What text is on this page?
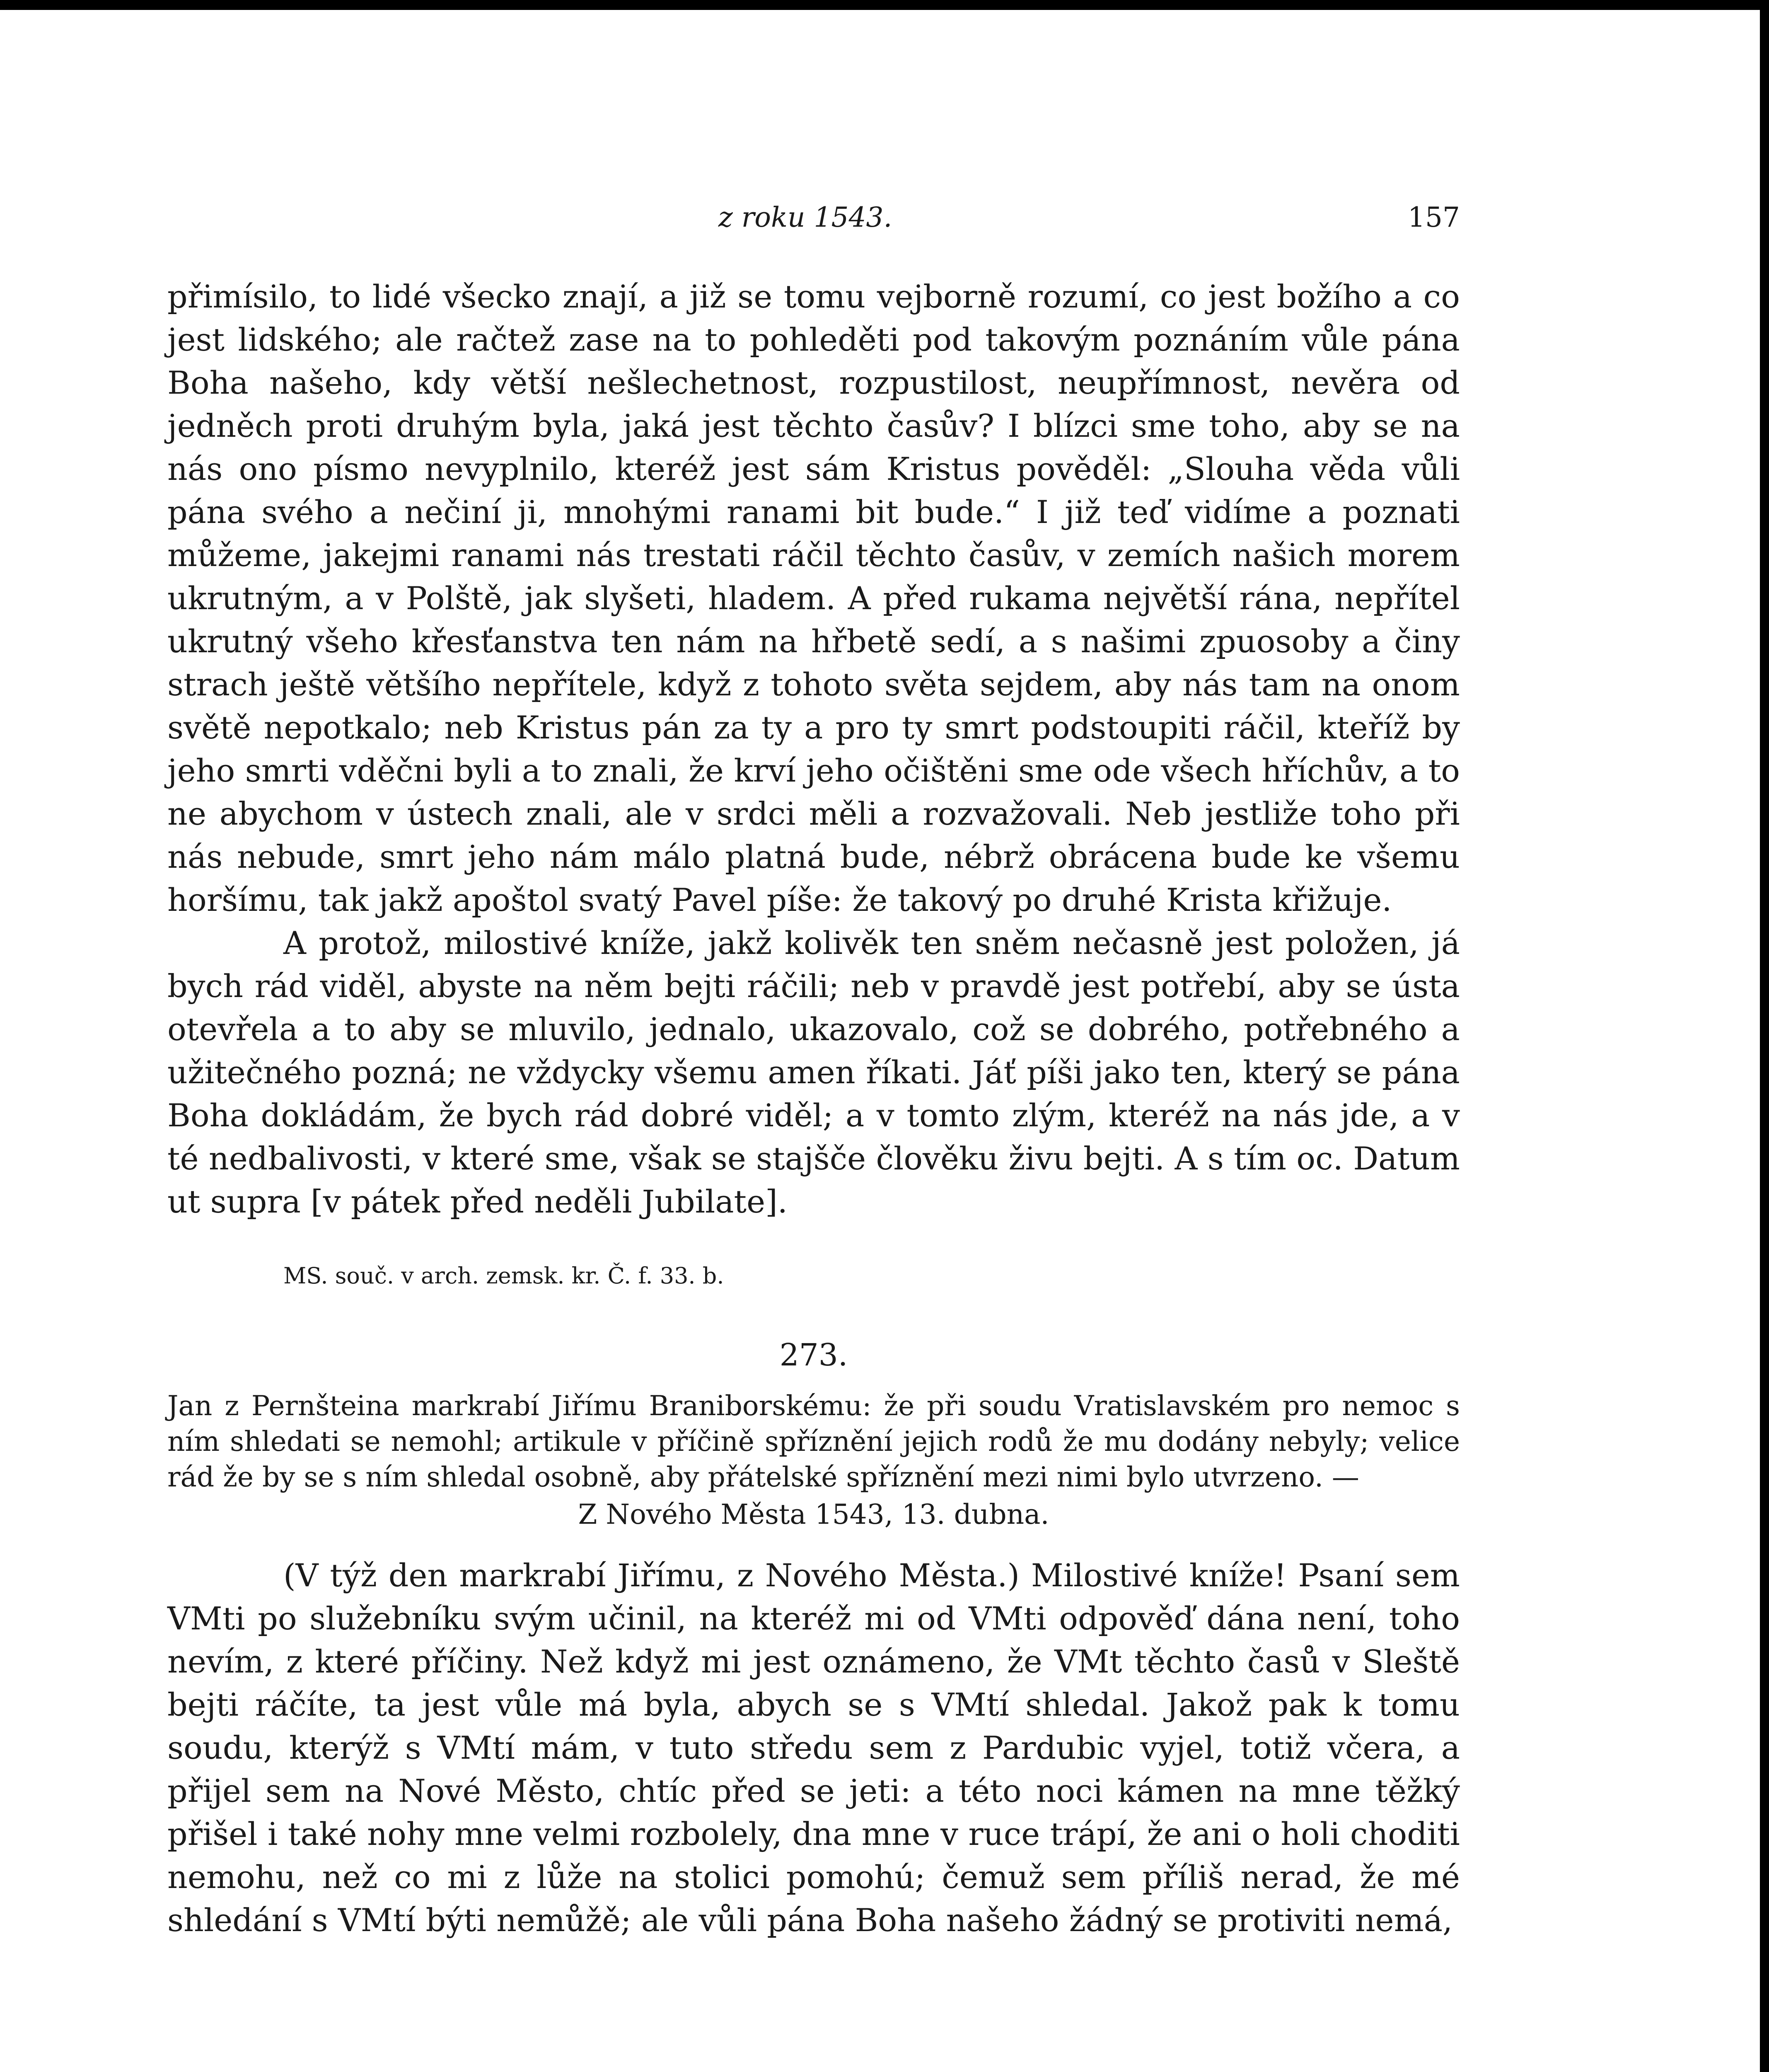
z roku 1543.	157

přimísilo, to lidé všecko znají, a již se tomu vejborně rozumí, co jest božího a co jest lidského; ale račtež zase na to pohleděti pod takovým poznáním vůle pána Boha našeho, kdy větší nešlechetnost, rozpustilost, neupřímnost, nevěra od jedněch proti druhým byla, jaká jest těchto časův? I blízci sme toho, aby se na nás ono písmo nevyplnilo, kteréž jest sám Kristus pověděl: „Slouha věda vůli pána svého a nečiní ji, mnohými ranami bit bude.“ I již teď vidíme a poznati můžeme, jakejmi ranami nás trestati ráčil těchto časův, v zemích našich morem ukrutným, a v Polště, jak slyšeti, hladem. A před rukama největší rána, nepřítel ukrutný všeho křesťanstva ten nám na hřbetě sedí, a s našimi zpuosoby a činy strach ještě většího nepřítele, když z tohoto světa sejdem, aby nás tam na onom světě nepotkalo; neb Kristus pán za ty a pro ty smrt podstoupiti ráčil, kteříž by jeho smrti vděčni byli a to znali, že krví jeho očištěni sme ode všech hříchův, a to ne abychom v ústech znali, ale v srdci měli a rozvažovali. Neb jestliže toho při nás nebude, smrt jeho nám málo platná bude, nébrž obrácena bude ke všemu horšímu, tak jakž apoštol svatý Pavel píše: že takový po druhé Krista křižuje.

A protož, milostivé kníže, jakž kolivěk ten sněm nečasně jest položen, já bych rád viděl, abyste na něm bejti ráčili; neb v pravdě jest potřebí, aby se ústa otevřela a to aby se mluvilo, jednalo, ukazovalo, což se dobrého, potřebného a užitečného pozná; ne vždycky všemu amen říkati. Jáť píši jako ten, který se pána Boha dokládám, že bych rád dobré viděl; a v tomto zlým, kteréž na nás jde, a v té nedbalivosti, v které sme, však se stajšče člověku živu bejti. A s tím oc. Datum ut supra [v pátek před neděli Jubilate].

MS. souč. v arch. zemsk. kr. Č. f. 33. b.
273.
Jan z Pernšteina markrabí Jiřímu Braniborskému: že při soudu Vratislavském pro nemoc s ním shledati se nemohl; artikule v příčině spříznění jejich rodů že mu dodány nebyly; velice rád že by se s ním shledal osobně, aby přátelské spříznění mezi nimi bylo utvrzeno. —
Z Nového Města 1543, 13. dubna.

(V týž den markrabí Jiřímu, z Nového Města.) Milostivé kníže! Psaní sem VMti po služebníku svým učinil, na kteréž mi od VMti odpověď dána není, toho nevím, z které příčiny. Než když mi jest oznámeno, že VMt těchto časů v Sleště bejti ráčíte, ta jest vůle má byla, abych se s VMtí shledal. Jakož pak k tomu soudu, kterýž s VMtí mám, v tuto středu sem z Pardubic vyjel, totiž včera, a přijel sem na Nové Město, chtíc před se jeti: a této noci kámen na mne těžký přišel i také nohy mne velmi rozbolely, dna mne v ruce trápí, že ani o holi choditi nemohu, než co mi z lůže na stolici pomohú; čemuž sem příliš nerad, že mé shledání s VMtí býti nemůžě; ale vůli pána Boha našeho žádný se protiviti nemá,
